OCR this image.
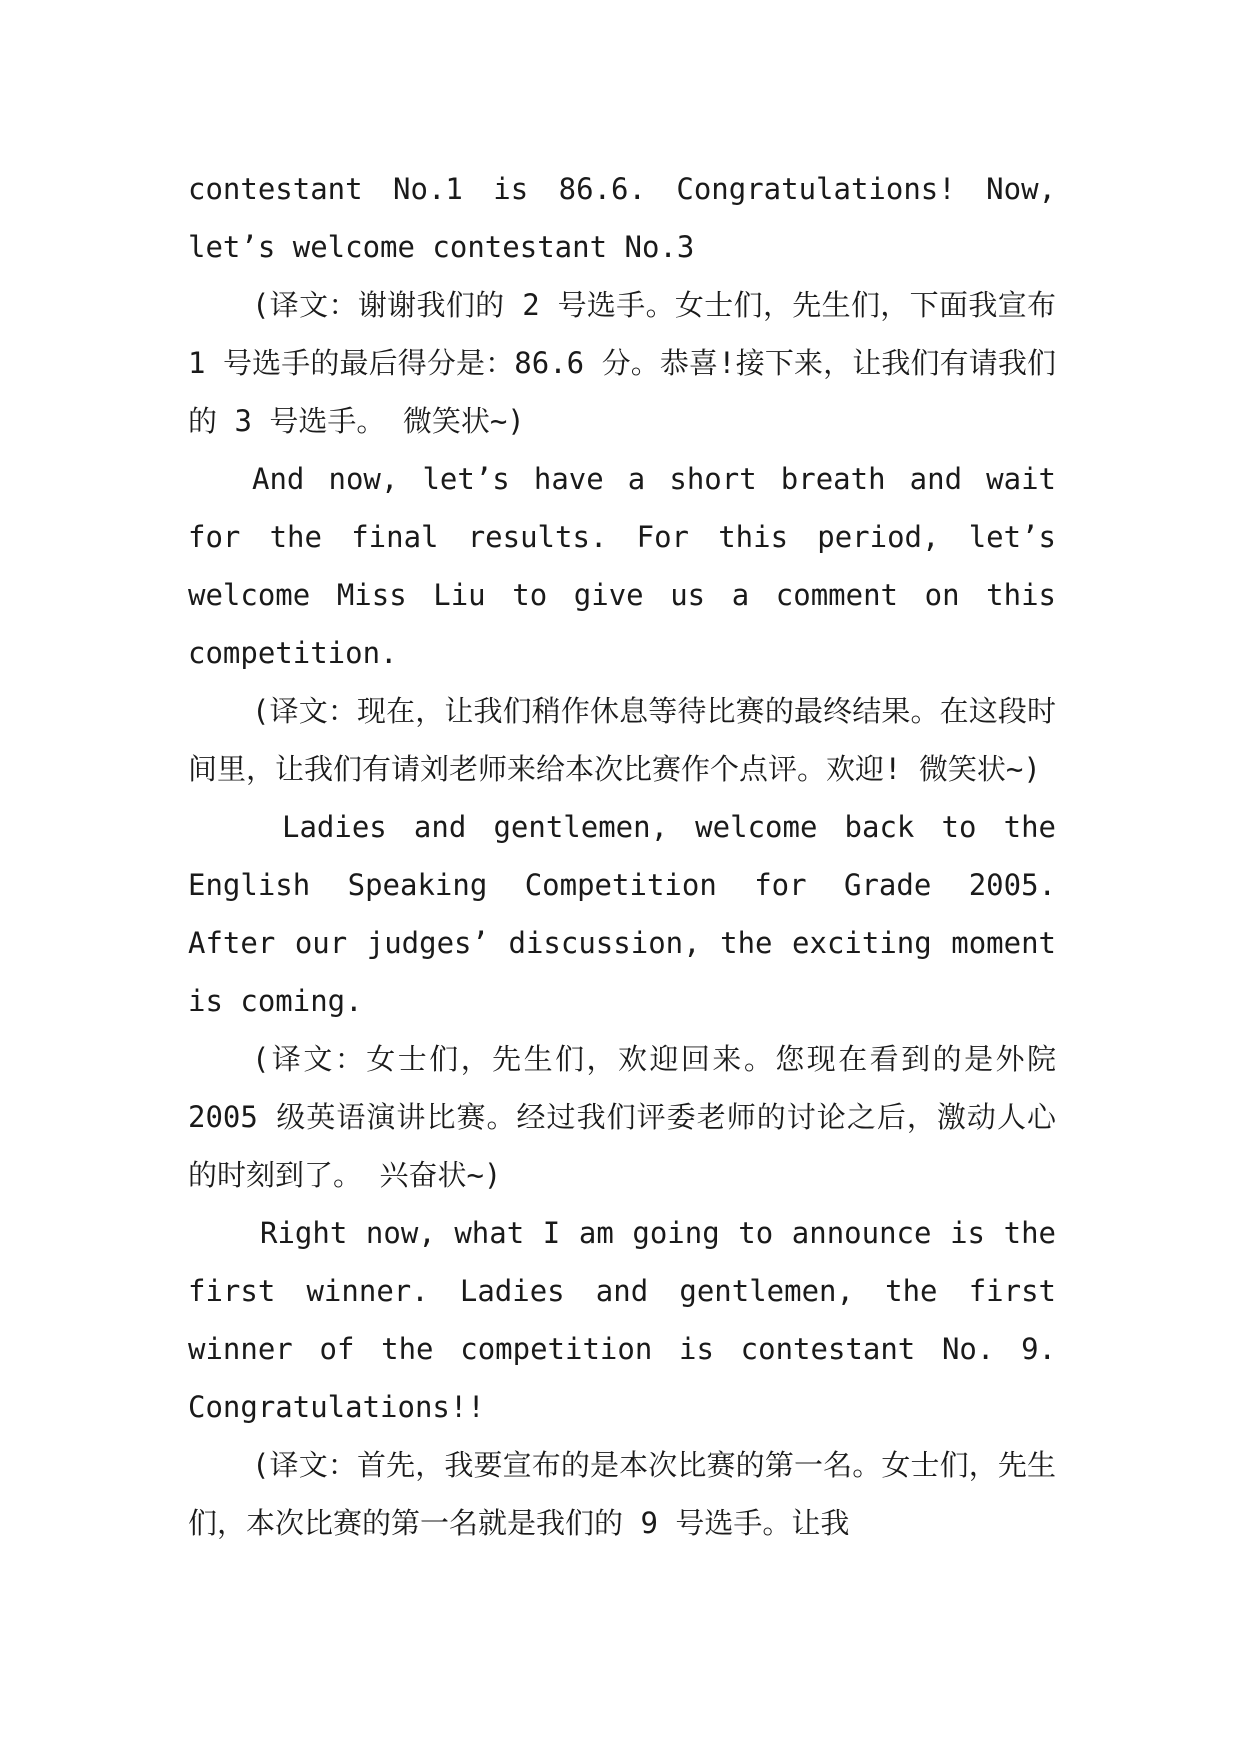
contestant No.1 is 86.6. Congratulations! Now, let’s welcome contestant No.3

(译文：谢谢我们的 2 号选手。女士们，先生们，下面我宣布 1 号选手的最后得分是：86.6 分。恭喜!接下来，让我们有请我们的 3 号选手。 微笑状~)

And now, let’s have a short breath and wait for the final results. For this period, let’s welcome Miss Liu to give us a comment on this competition.

(译文：现在，让我们稍作休息等待比赛的最终结果。在这段时间里，让我们有请刘老师来给本次比赛作个点评。欢迎! 微笑状~)

Ladies and gentlemen, welcome back to the English Speaking Competition for Grade 2005. After our judges’ discussion, the exciting moment is coming.

(译文：女士们，先生们，欢迎回来。您现在看到的是外院 2005 级英语演讲比赛。经过我们评委老师的讨论之后，激动人心的时刻到了。 兴奋状~)

Right now, what I am going to announce is the first winner. Ladies and gentlemen, the first winner of the competition is contestant No. 9. Congratulations!!

(译文：首先，我要宣布的是本次比赛的第一名。女士们，先生们，本次比赛的第一名就是我们的 9 号选手。让我
